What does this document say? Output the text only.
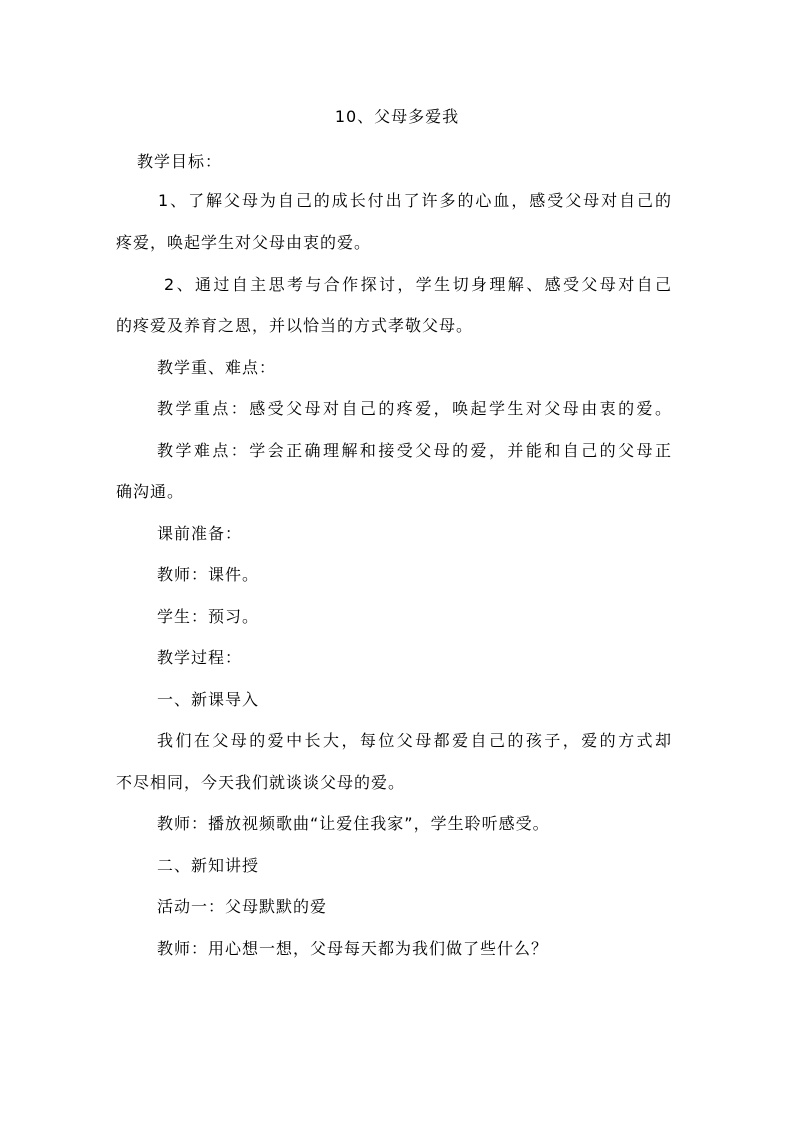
10、父母多爱我
教学目标：
1、了解父母为自己的成长付出了许多的心血，感受父母对自己的
疼爱，唤起学生对父母由衷的爱。
2、通过自主思考与合作探讨，学生切身理解、感受父母对自己
的疼爱及养育之恩，并以恰当的方式孝敬父母。
教学重、难点：
教学重点：感受父母对自己的疼爱，唤起学生对父母由衷的爱。
教学难点：学会正确理解和接受父母的爱，并能和自己的父母正
确沟通。
课前准备：
教师：课件。
学生：预习。
教学过程：
一、新课导入
我们在父母的爱中长大，每位父母都爱自己的孩子，爱的方式却
不尽相同，今天我们就谈谈父母的爱。
教师：播放视频歌曲“让爱住我家”，学生聆听感受。
二、新知讲授
活动一：父母默默的爱
教师：用心想一想，父母每天都为我们做了些什么？
